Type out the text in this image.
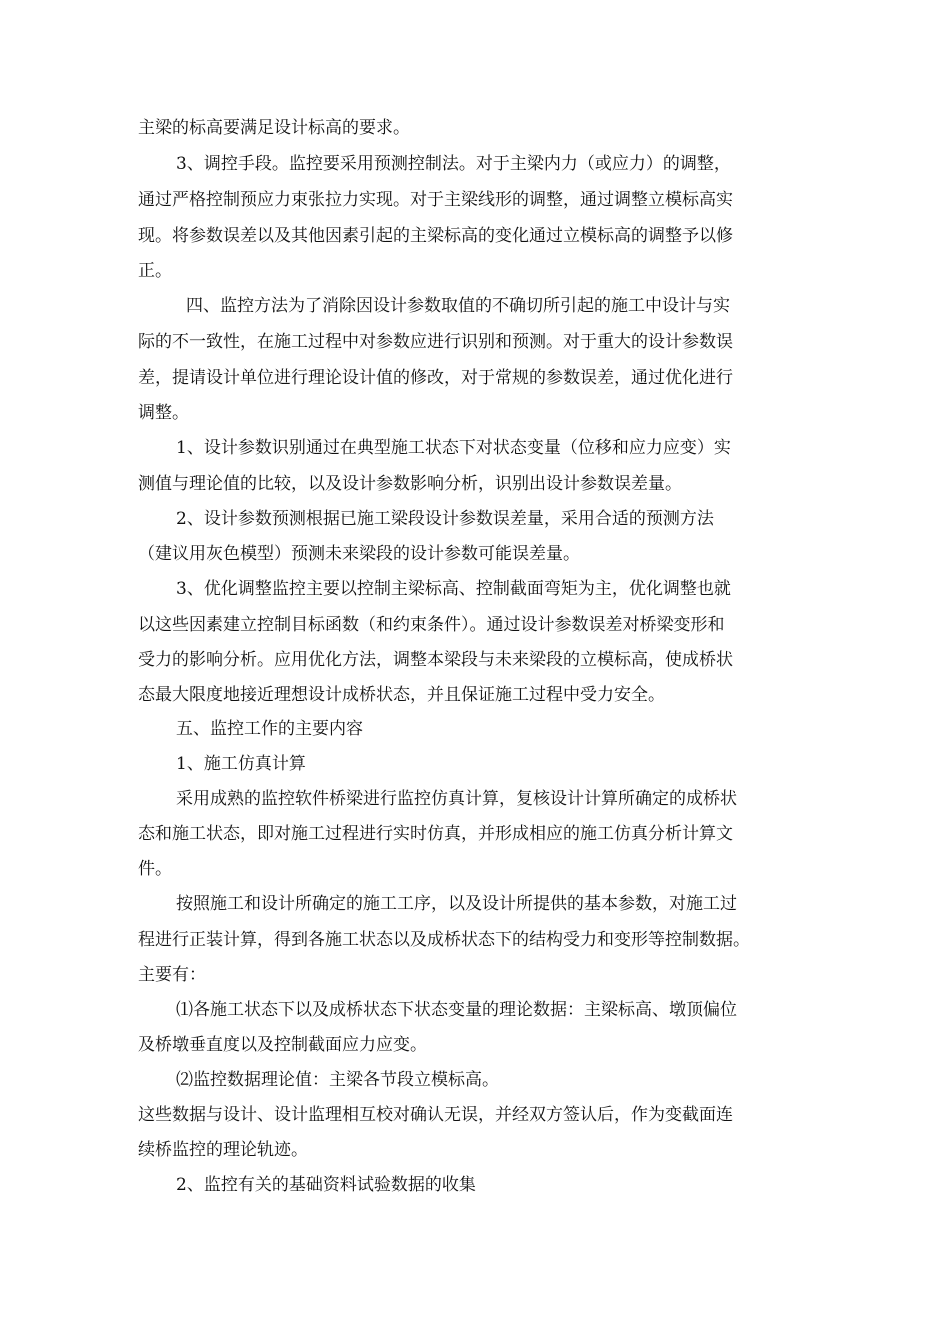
主梁的标高要满足设计标高的要求。

3、调控手段。监控要采用预测控制法。对于主梁内力（或应力）的调整，

通过严格控制预应力束张拉力实现。对于主梁线形的调整，通过调整立模标高实

现。将参数误差以及其他因素引起的主梁标高的变化通过立模标高的调整予以修

正。

四、监控方法为了消除因设计参数取值的不确切所引起的施工中设计与实

际的不一致性，在施工过程中对参数应进行识别和预测。对于重大的设计参数误

差，提请设计单位进行理论设计值的修改，对于常规的参数误差，通过优化进行

调整。

1、设计参数识别通过在典型施工状态下对状态变量（位移和应力应变）实

测值与理论值的比较，以及设计参数影响分析，识别出设计参数误差量。

2、设计参数预测根据已施工梁段设计参数误差量，采用合适的预测方法

（建议用灰色模型）预测未来梁段的设计参数可能误差量。

3、优化调整监控主要以控制主梁标高、控制截面弯矩为主，优化调整也就

以这些因素建立控制目标函数（和约束条件）。通过设计参数误差对桥梁变形和

受力的影响分析。应用优化方法，调整本梁段与未来梁段的立模标高，使成桥状

态最大限度地接近理想设计成桥状态，并且保证施工过程中受力安全。

五、监控工作的主要内容

1、施工仿真计算

采用成熟的监控软件桥梁进行监控仿真计算，复核设计计算所确定的成桥状

态和施工状态，即对施工过程进行实时仿真，并形成相应的施工仿真分析计算文

件。

按照施工和设计所确定的施工工序，以及设计所提供的基本参数，对施工过

程进行正装计算，得到各施工状态以及成桥状态下的结构受力和变形等控制数据。

主要有：

⑴各施工状态下以及成桥状态下状态变量的理论数据：主梁标高、墩顶偏位

及桥墩垂直度以及控制截面应力应变。

⑵监控数据理论值：主梁各节段立模标高。

这些数据与设计、设计监理相互校对确认无误，并经双方签认后，作为变截面连

续桥监控的理论轨迹。

2、监控有关的基础资料试验数据的收集
